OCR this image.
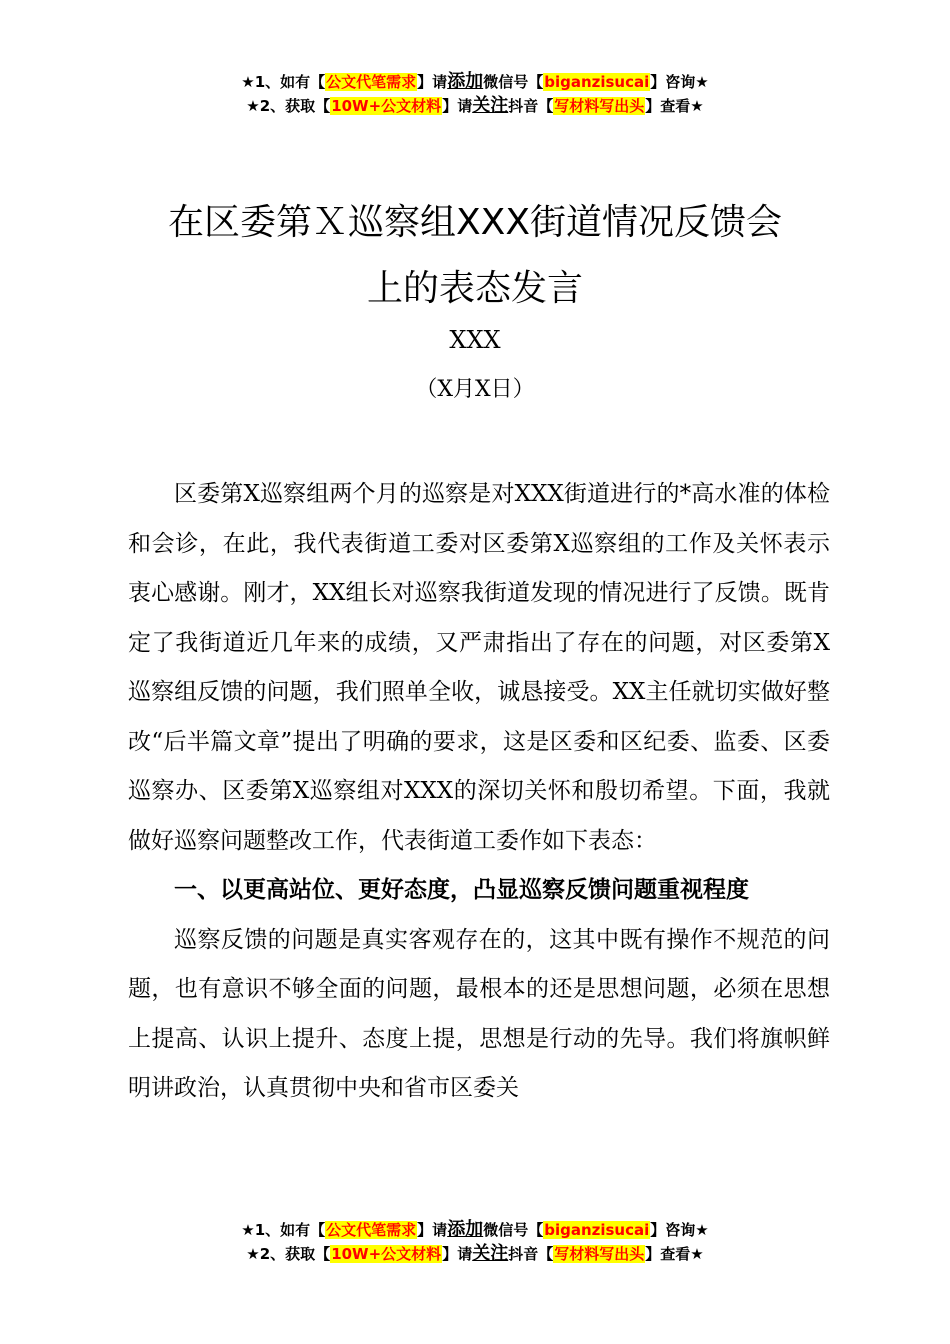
★1、如有【公文代笔需求】请添加微信号【biganzisucai】咨询★
★2、获取【10W+公文材料】请关注抖音【写材料写出头】查看★
在区委第Ｘ巡察组XXX街道情况反馈会
上的表态发言
XXX
（X月X日）

区委第X巡察组两个月的巡察是对XXX街道进行的*高水准的体检和会诊，在此，我代表街道工委对区委第X巡察组的工作及关怀表示衷心感谢。刚才，XX组长对巡察我街道发现的情况进行了反馈。既肯定了我街道近几年来的成绩，又严肃指出了存在的问题，对区委第X巡察组反馈的问题，我们照单全收，诚恳接受。XX主任就切实做好整改“后半篇文章”提出了明确的要求，这是区委和区纪委、监委、区委巡察办、区委第X巡察组对XXX的深切关怀和殷切希望。下面，我就做好巡察问题整改工作，代表街道工委作如下表态：

一、以更高站位、更好态度，凸显巡察反馈问题重视程度

巡察反馈的问题是真实客观存在的，这其中既有操作不规范的问题，也有意识不够全面的问题，最根本的还是思想问题，必须在思想上提高、认识上提升、态度上提，思想是行动的先导。我们将旗帜鲜明讲政治，认真贯彻中央和省市区委关

★1、如有【公文代笔需求】请添加微信号【biganzisucai】咨询★
★2、获取【10W+公文材料】请关注抖音【写材料写出头】查看★
